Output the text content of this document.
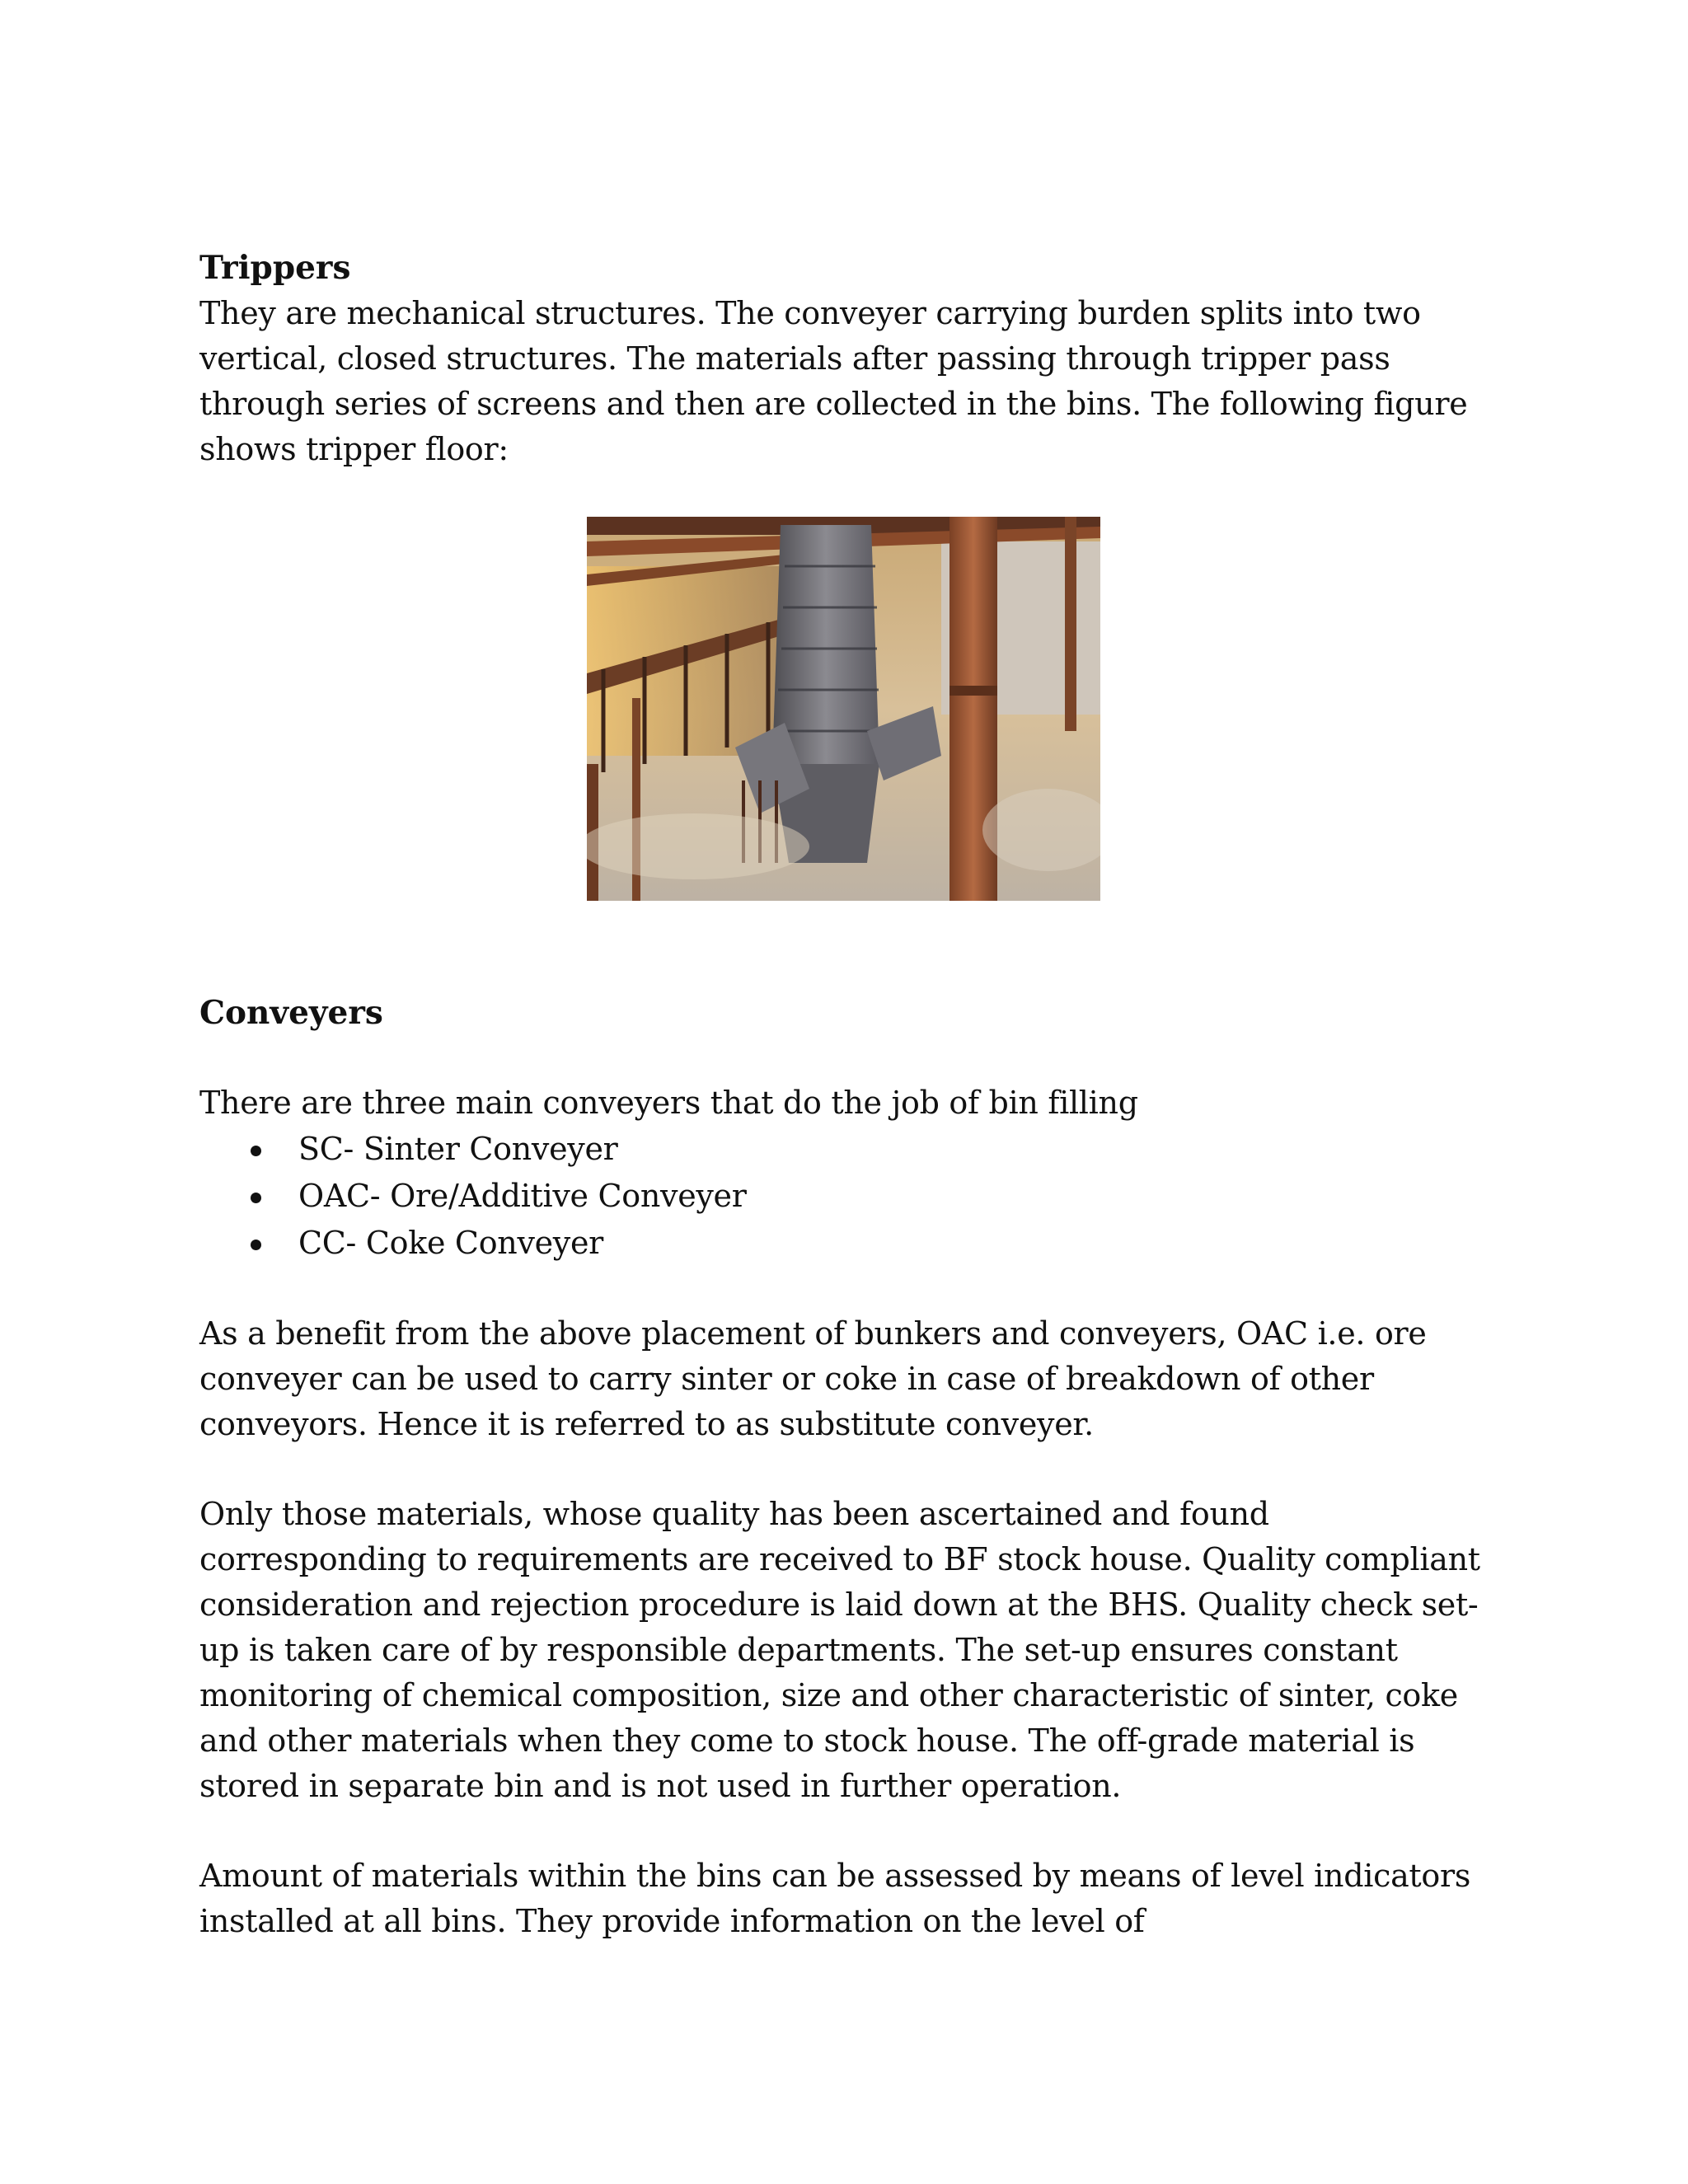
Trippers

They are mechanical structures. The conveyer carrying burden splits into two vertical, closed structures. The materials after passing through tripper pass through series of screens and then are collected in the bins. The following figure shows tripper floor:

Conveyers

There are three main conveyers that do the job of bin filling

SC- Sinter Conveyer
OAC- Ore/Additive Conveyer
CC- Coke Conveyer

As a benefit from the above placement of bunkers and conveyers, OAC i.e. ore conveyer can be used to carry sinter or coke in case of breakdown of other conveyors. Hence it is referred to as substitute conveyer.

Only those materials, whose quality has been ascertained and found corresponding to requirements are received to BF stock house. Quality compliant consideration and rejection procedure is laid down at the BHS. Quality check set-up is taken care of by responsible departments. The set-up ensures constant monitoring of chemical composition, size and other characteristic of sinter, coke and other materials when they come to stock house. The off-grade material is stored in separate bin and is not used in further operation.

Amount of materials within the bins can be assessed by means of level indicators installed at all bins. They provide information on the level of
